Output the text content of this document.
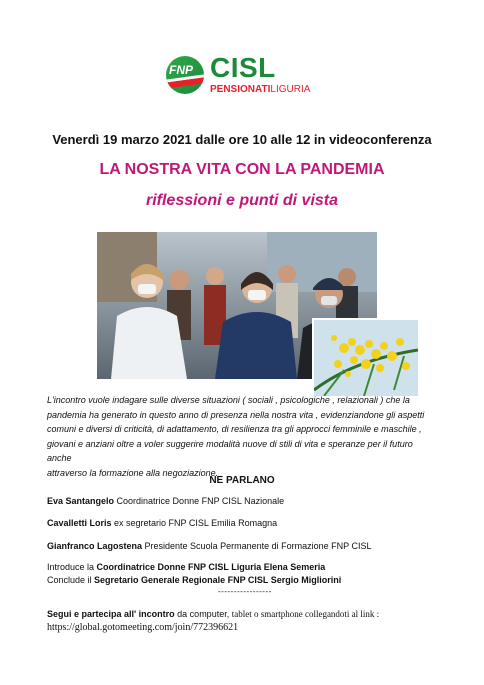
FNP CISL
PENSIONATILIGURIA
Venerdì 19 marzo 2021 dalle ore 10 alle 12 in videoconferenza
LA NOSTRA VITA CON LA PANDEMIA
riflessioni e punti di vista
L'incontro vuole indagare sulle diverse situazioni ( sociali , psicologiche , relazionali ) che la
pandemia ha generato in questo anno di presenza nella nostra vita , evidenziandone gli aspetti
comuni e diversi di criticità, di adattamento, di resilienza tra gli approcci femminile e maschile ,
giovani e anziani oltre a voler suggerire modalità nuove di stili di vita e speranze per il futuro anche
attraverso la formazione alla negoziazione.
NE PARLANO
Eva Santangelo Coordinatrice Donne FNP CISL Nazionale
Cavalletti Loris ex segretario FNP CISL Emilia Romagna
Gianfranco Lagostena Presidente Scuola Permanente di Formazione FNP CISL
Introduce la Coordinatrice Donne FNP CISL Liguria Elena Semeria
Conclude il Segretario Generale Regionale FNP CISL Sergio Migliorini
-----------------
Segui e partecipa all' incontro da computer, tablet o smartphone collegandoti al link :
https://global.gotomeeting.com/join/772396621
